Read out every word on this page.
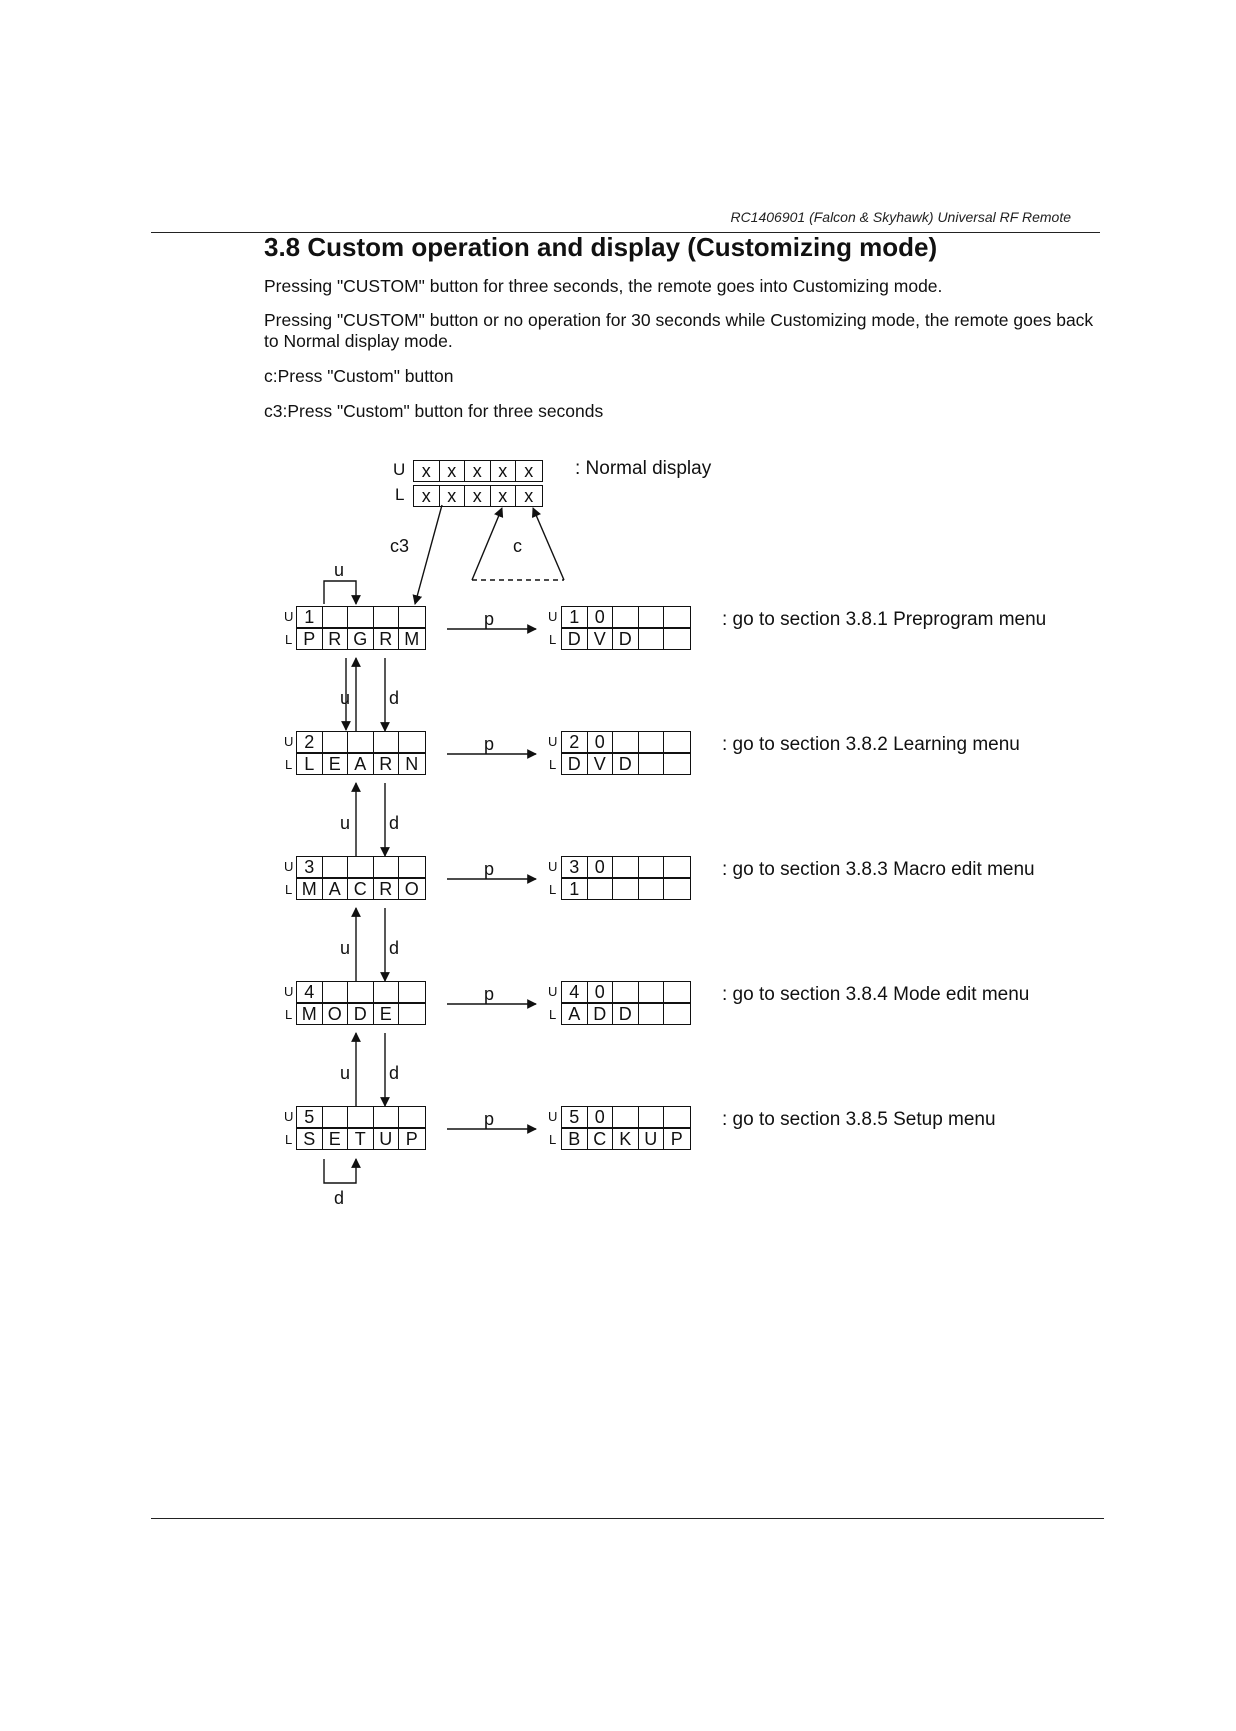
RC1406901 (Falcon & Skyhawk) Universal RF Remote
3.8 Custom operation and display (Customizing mode)

Pressing "CUSTOM" button for three seconds, the remote goes into Customizing mode.

Pressing "CUSTOM" button or no operation for 30 seconds while Customizing mode, the remote goes back to Normal display mode.

c:Press "Custom" button

c3:Press "Custom" button for three seconds

c3	c
u
d
u d
u d
u d
u d
p
p
p
p
p
U
L
x x x x x
x x x x x
: Normal display
U
L
U
L
1
P R G R M
1 0
D V D
: go to section 3.8.1 Preprogram menu
U
L
U
L
2
L E A R N
2 0
D V D
: go to section 3.8.2 Learning menu
U
L
U
L
3
M A C R O
3 0
1
: go to section 3.8.3 Macro edit menu
U
L
U
L
4
M O D E
4 0
A D D
: go to section 3.8.4 Mode edit menu
U
L
U
L
5
S E T U P
5 0
B C K U P
: go to section 3.8.5 Setup menu
